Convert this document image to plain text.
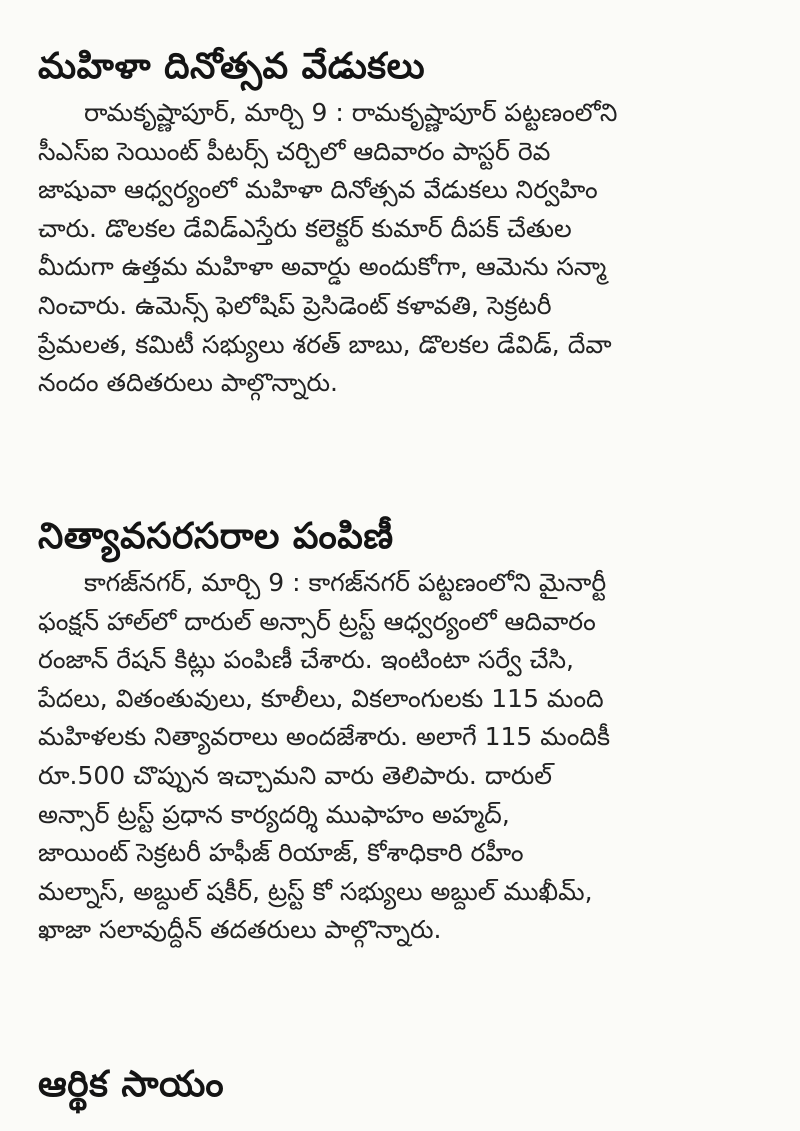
మహిళా దినోత్సవ వేడుకలు

రామకృష్ణాపూర్, మార్చి 9 : రామకృష్ణాపూర్ పట్టణంలోని

సీఎస్ఐ సెయింట్ పీటర్స్ చర్చిలో ఆదివారం పాస్టర్ రెవ

జాషువా ఆధ్వర్యంలో మహిళా దినోత్సవ వేడుకలు నిర్వహిం

చారు. డొలకల డేవిడ్ఎస్తేరు కలెక్టర్ కుమార్ దీపక్ చేతుల

మీదుగా ఉత్తమ మహిళా అవార్డు అందుకోగా, ఆమెను సన్మా

నించారు. ఉమెన్స్ ఫెలోషిప్ ప్రెసిడెంట్ కళావతి, సెక్రటరీ

ప్రేమలత, కమిటీ సభ్యులు శరత్ బాబు, డొలకల డేవిడ్, దేవా

నందం తదితరులు పాల్గొన్నారు.

నిత్యావసరసరాల పంపిణీ

కాగజ్‌నగర్, మార్చి 9 : కాగజ్‌నగర్ పట్టణంలోని మైనార్టీ

ఫంక్షన్ హాల్‌లో దారుల్ అన్సార్ ట్రస్ట్ ఆధ్వర్యంలో ఆదివారం

రంజాన్ రేషన్ కిట్లు పంపిణీ చేశారు. ఇంటింటా సర్వే చేసి,

పేదలు, వితంతువులు, కూలీలు, వికలాంగులకు 115 మంది

మహిళలకు నిత్యావరాలు అందజేశారు. అలాగే 115 మందికీ

రూ.500 చొప్పున ఇచ్చామని వారు తెలిపారు. దారుల్

అన్సార్ ట్రస్ట్ ప్రధాన కార్యదర్శి ముఫాహం అహ్మద్,

జాయింట్ సెక్రటరీ హఫీజ్ రియాజ్, కోశాధికారి రహీం

మల్నాస్, అబ్దుల్ షకీర్, ట్రస్ట్ కో సభ్యులు అబ్దుల్ ముఖీమ్,

ఖాజా సలావుద్దీన్ తదతరులు పాల్గొన్నారు.

ఆర్థిక సాయం
